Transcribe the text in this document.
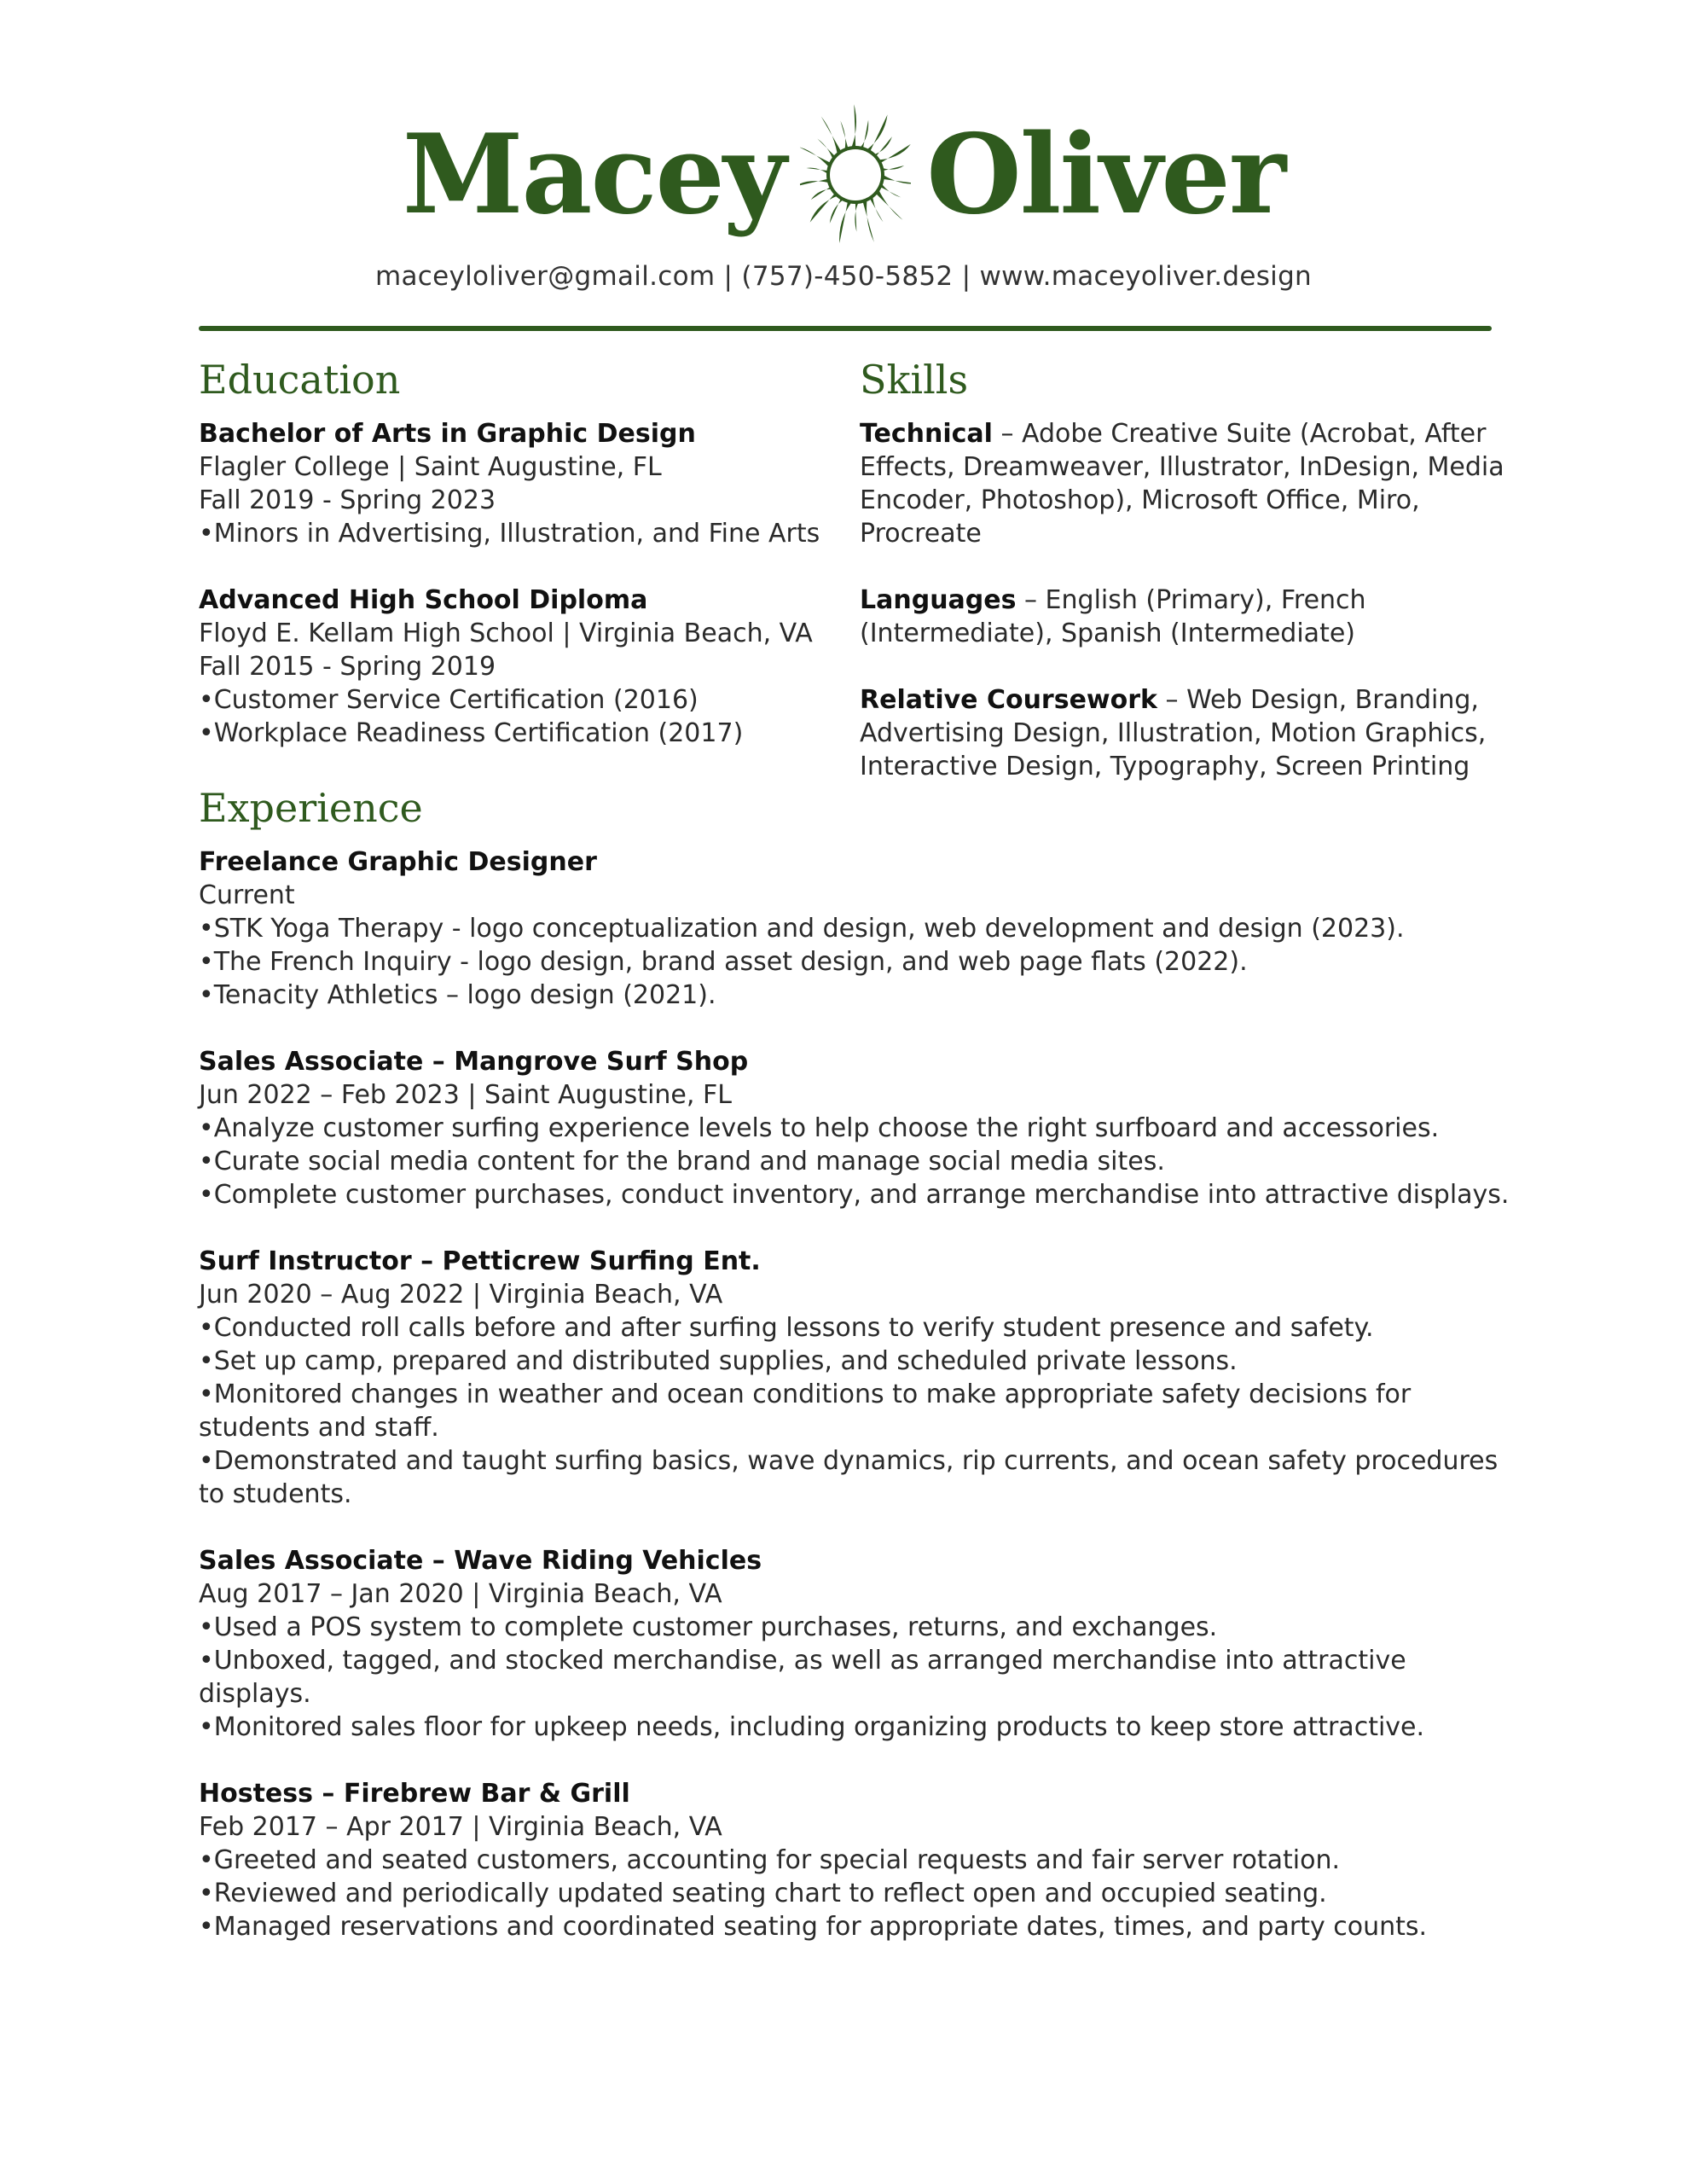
Macey Oliver
maceyloliver@gmail.com | (757)-450-5852 | www.maceyoliver.design
Education
Bachelor of Arts in Graphic Design
Flagler College | Saint Augustine, FL
Fall 2019 - Spring 2023
• Minors in Advertising, Illustration, and Fine Arts
Advanced High School Diploma
Floyd E. Kellam High School | Virginia Beach, VA
Fall 2015 - Spring 2019
• Customer Service Certification (2016)
• Workplace Readiness Certification (2017)
Skills
Technical – Adobe Creative Suite (Acrobat, After Effects, Dreamweaver, Illustrator, InDesign, Media Encoder, Photoshop), Microsoft Office, Miro, Procreate
Languages – English (Primary), French (Intermediate), Spanish (Intermediate)
Relative Coursework – Web Design, Branding, Advertising Design, Illustration, Motion Graphics, Interactive Design, Typography, Screen Printing
Experience
Freelance Graphic Designer
Current
• STK Yoga Therapy - logo conceptualization and design, web development and design (2023).
• The French Inquiry - logo design, brand asset design, and web page flats (2022).
• Tenacity Athletics – logo design (2021).
Sales Associate – Mangrove Surf Shop
Jun 2022 – Feb 2023 | Saint Augustine, FL
• Analyze customer surfing experience levels to help choose the right surfboard and accessories.
• Curate social media content for the brand and manage social media sites.
• Complete customer purchases, conduct inventory, and arrange merchandise into attractive displays.
Surf Instructor – Petticrew Surfing Ent.
Jun 2020 – Aug 2022 | Virginia Beach, VA
• Conducted roll calls before and after surfing lessons to verify student presence and safety.
• Set up camp, prepared and distributed supplies, and scheduled private lessons.
• Monitored changes in weather and ocean conditions to make appropriate safety decisions for students and staff.
• Demonstrated and taught surfing basics, wave dynamics, rip currents, and ocean safety procedures to students.
Sales Associate – Wave Riding Vehicles
Aug 2017 – Jan 2020 | Virginia Beach, VA
• Used a POS system to complete customer purchases, returns, and exchanges.
• Unboxed, tagged, and stocked merchandise, as well as arranged merchandise into attractive displays.
• Monitored sales floor for upkeep needs, including organizing products to keep store attractive.
Hostess – Firebrew Bar & Grill
Feb 2017 – Apr 2017 | Virginia Beach, VA
• Greeted and seated customers, accounting for special requests and fair server rotation.
• Reviewed and periodically updated seating chart to reflect open and occupied seating.
• Managed reservations and coordinated seating for appropriate dates, times, and party counts.
